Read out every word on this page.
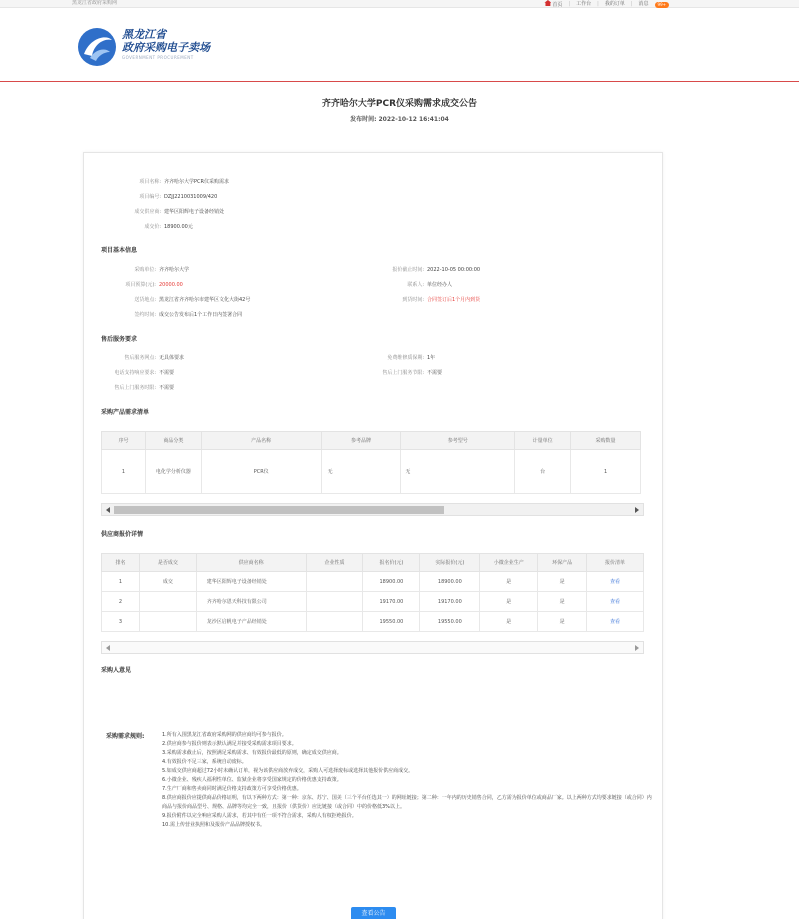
黑龙江省政府采购网	首页 | 工作台 | 我的订单 | 消息	99+
黑龙江省
政府采购电子卖场
GOVERNMENT PROCUREMENT
齐齐哈尔大学PCR仪采购需求成交公告
发布时间: 2022-10-12 16:41:04
项目名称: 齐齐哈尔大学PCR仪采购需求
项目编号: DZJJ2210031009/420
成交供应商: 建华区阳辉电子设备经销处
成交价: 18900.00元
项目基本信息
采购单位: 齐齐哈尔大学
项目预算(元): 20000.00
送货地点: 黑龙江省齐齐哈尔市建华区文化大街42号
签约时间: 成交公告发布后1个工作日内签署合同
报价截止时间: 2022-10-05 00:00:00
联系人: 单位经办人
到货时间: 合同签订后1个月内到货
售后服务要求
售后服务网点: 无具体要求
电话支持响应要求: 不需要
售后上门服务时限: 不需要
免费维修质保期: 1年
售后上门服务节限: 不需要
采购产品需求清单
序号	商品分类	产品名称	参考品牌	参考型号	计量单位	采购数量
1	电化学分析仪器	PCR仪	无	无	台	1
供应商报价详情
排名	是否成交	供应商名称	企业性质	报名价(元)	实际报价(元)	小微企业生产	环保产品	报价清单
1	成交	建华区阳辉电子设备经销处		18900.00	18900.00	是	是	查看
2		齐齐哈尔恩天科技有限公司		19170.00	19170.00	是	是	查看
3		龙沙区启帆电子产品经销处		19550.00	19550.00	是	是	查看
采购人意见
采购需求规则:	1.所有入围黑龙江省政府采购网的供应商均可参与报价。
2.供应商参与报价则表示默认满足并接受采购需求项目要求。
3.采购需求截止后，按照满足采购需求、有效报价最低的原则，确定成交供应商。
4.有效报价不足三家，系统自动废标。
5.如成交供应商超过72小时未确认订单，视为该供应商放弃成交，采购人可选择废标或选择其他报价供应商成交。
6.小微企业、残疾人福利性单位、监狱企业将享受国家规定的价格优惠支持政策。
7.生产厂商和售卖商同时满足价格支持政策方可享受价格优惠。
8.供应商报价应提供商品价格证明，有以下两种方式：第一种：京东、苏宁、国美（三个平台任选其一）的网址链接；第二种：一年内的历史销售合同，乙方需为报价单位或商品厂家。以上两种方式均要求链接（或合同）内商品与报价商品型号、规格、品牌等均完全一致，且报价（供货价）应比链接（或合同）中的价格低3%以上。
9.报价附件以完全响应采购人需求，若其中有任一项不符合需求，采购人有权拒绝报价。
10.需上传营业执照和及报价产品品牌授权书。
查看公告
